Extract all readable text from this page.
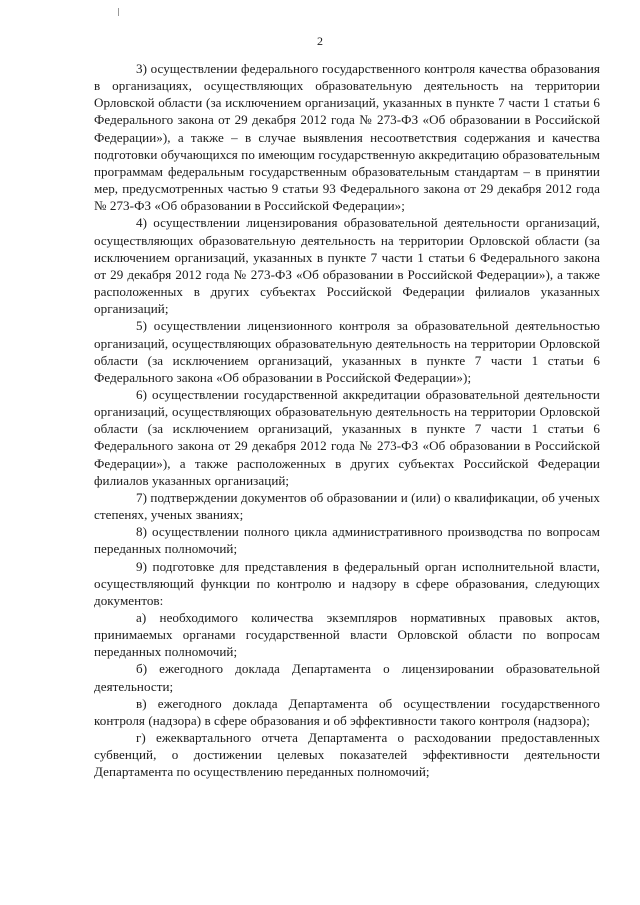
2

3) осуществлении федерального государственного контроля качества образования в организациях, осуществляющих образовательную деятельность на территории Орловской области (за исключением организаций, указанных в пункте 7 части 1 статьи 6 Федерального закона от 29 декабря 2012 года № 273-ФЗ «Об образовании в Российской Федерации»), а также – в случае выявления несоответствия содержания и качества подготовки обучающихся по имеющим государственную аккредитацию образовательным программам федеральным государственным образовательным стандартам – в принятии мер, предусмотренных частью 9 статьи 93 Федерального закона от 29 декабря 2012 года № 273-ФЗ «Об образовании в Российской Федерации»;

4) осуществлении лицензирования образовательной деятельности организаций, осуществляющих образовательную деятельность на территории Орловской области (за исключением организаций, указанных в пункте 7 части 1 статьи 6 Федерального закона от 29 декабря 2012 года № 273-ФЗ «Об образовании в Российской Федерации»), а также расположенных в других субъектах Российской Федерации филиалов указанных организаций;

5) осуществлении лицензионного контроля за образовательной деятельностью организаций, осуществляющих образовательную деятельность на территории Орловской области (за исключением организаций, указанных в пункте 7 части 1 статьи 6 Федерального закона «Об образовании в Российской Федерации»);

6) осуществлении государственной аккредитации образовательной деятельности организаций, осуществляющих образовательную деятельность на территории Орловской области (за исключением организаций, указанных в пункте 7 части 1 статьи 6 Федерального закона от 29 декабря 2012 года № 273-ФЗ «Об образовании в Российской Федерации»), а также расположенных в других субъектах Российской Федерации филиалов указанных организаций;

7) подтверждении документов об образовании и (или) о квалификации, об ученых степенях, ученых званиях;

8) осуществлении полного цикла административного производства по вопросам переданных полномочий;

9) подготовке для представления в федеральный орган исполнительной власти, осуществляющий функции по контролю и надзору в сфере образования, следующих документов:

а) необходимого количества экземпляров нормативных правовых актов, принимаемых органами государственной власти Орловской области по вопросам переданных полномочий;

б) ежегодного доклада Департамента о лицензировании образовательной деятельности;

в) ежегодного доклада Департамента об осуществлении государственного контроля (надзора) в сфере образования и об эффективности такого контроля (надзора);

г) ежеквартального отчета Департамента о расходовании предоставленных субвенций, о достижении целевых показателей эффективности деятельности Департамента по осуществлению переданных полномочий;
